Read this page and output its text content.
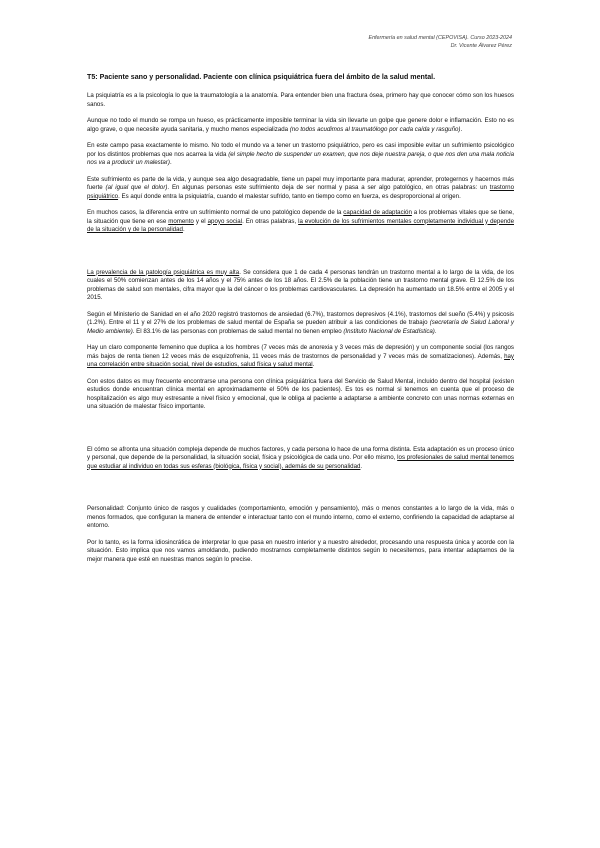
Enfermería en salud mental (CEPOVISA). Curso 2023-2024
Dr. Vicente Álvarez Pérez
T5: Paciente sano y personalidad. Paciente con clínica psiquiátrica fuera del ámbito de la salud mental.

La psiquiatría es a la psicología lo que la traumatología a la anatomía. Para entender bien una fractura ósea, primero hay que conocer cómo son los huesos sanos.

Aunque no todo el mundo se rompa un hueso, es prácticamente imposible terminar la vida sin llevarte un golpe que genere dolor e inflamación. Esto no es algo grave, o que necesite ayuda sanitaria, y mucho menos especializada (no todos acudimos al traumatólogo por cada caída y rasguño).

En este campo pasa exactamente lo mismo. No todo el mundo va a tener un trastorno psiquiátrico, pero es casi imposible evitar un sufrimiento psicológico por los distintos problemas que nos acarrea la vida (el simple hecho de suspender un examen, que nos deje nuestra pareja, o que nos den una mala noticia nos va a producir un malestar).

Este sufrimiento es parte de la vida, y aunque sea algo desagradable, tiene un papel muy importante para madurar, aprender, protegernos y hacernos más fuerte (al igual que el dolor). En algunas personas este sufrimiento deja de ser normal y pasa a ser algo patológico, en otras palabras: un trastorno psiquiátrico. Es aquí donde entra la psiquiatría, cuando el malestar sufrido, tanto en tiempo como en fuerza, es desproporcional al origen.

En muchos casos, la diferencia entre un sufrimiento normal de uno patológico depende de la capacidad de adaptación a los problemas vitales que se tiene, la situación que tiene en ese momento y el apoyo social. En otras palabras, la evolución de los sufrimientos mentales completamente individual y depende de la situación y de la personalidad.

La prevalencia de la patología psiquiátrica es muy alta. Se considera que 1 de cada 4 personas tendrán un trastorno mental a lo largo de la vida, de los cuales el 50% comienzan antes de los 14 años y el 75% antes de los 18 años. El 2.5% de la población tiene un trastorno mental grave. El 12.5% de los problemas de salud son mentales, cifra mayor que la del cáncer o los problemas cardiovasculares. La depresión ha aumentado un 18.5% entre el 2005 y el 2015.

Según el Ministerio de Sanidad en el año 2020 registró trastornos de ansiedad (6.7%), trastornos depresivos (4.1%), trastornos del sueño (5.4%) y psicosis (1.2%). Entre el 11 y el 27% de los problemas de salud mental de España se pueden atribuir a las condiciones de trabajo (secretaría de Salud Laboral y Medio ambiente). El 83.1% de las personas con problemas de salud mental no tienen empleo (Instituto Nacional de Estadística).

Hay un claro componente femenino que duplica a los hombres (7 veces más de anorexia y 3 veces más de depresión) y un componente social (los rangos más bajos de renta tienen 12 veces más de esquizofrenia, 11 veces más de trastornos de personalidad y 7 veces más de somatizaciones). Además, hay una correlación entre situación social, nivel de estudios, salud física y salud mental.

Con estos datos es muy frecuente encontrarse una persona con clínica psiquiátrica fuera del Servicio de Salud Mental, incluido dentro del hospital (existen estudios donde encuentran clínica mental en aproximadamente el 50% de los pacientes). Es tos es normal si tenemos en cuenta que el proceso de hospitalización es algo muy estresante a nivel físico y emocional, que le obliga al paciente a adaptarse a ambiente concreto con unas normas externas en una situación de malestar físico importante.

El cómo se afronta una situación compleja depende de muchos factores, y cada persona lo hace de una forma distinta. Esta adaptación es un proceso único y personal, que depende de la personalidad, la situación social, física y psicológica de cada uno. Por ello mismo, los profesionales de salud mental tenemos que estudiar al individuo en todas sus esferas (biológica, física y social), además de su personalidad.

Personalidad: Conjunto único de rasgos y cualidades (comportamiento, emoción y pensamiento), más o menos constantes a lo largo de la vida, más o menos formados, que configuran la manera de entender e interactuar tanto con el mundo interno, como el externo, confiriendo la capacidad de adaptarse al entorno.

Por lo tanto, es la forma idiosincrática de interpretar lo que pasa en nuestro interior y a nuestro alrededor, procesando una respuesta única y acorde con la situación. Esto implica que nos vamos amoldando, pudiendo mostrarnos completamente distintos según lo necesitemos, para intentar adaptarnos de la mejor manera que esté en nuestras manos según lo precise.
